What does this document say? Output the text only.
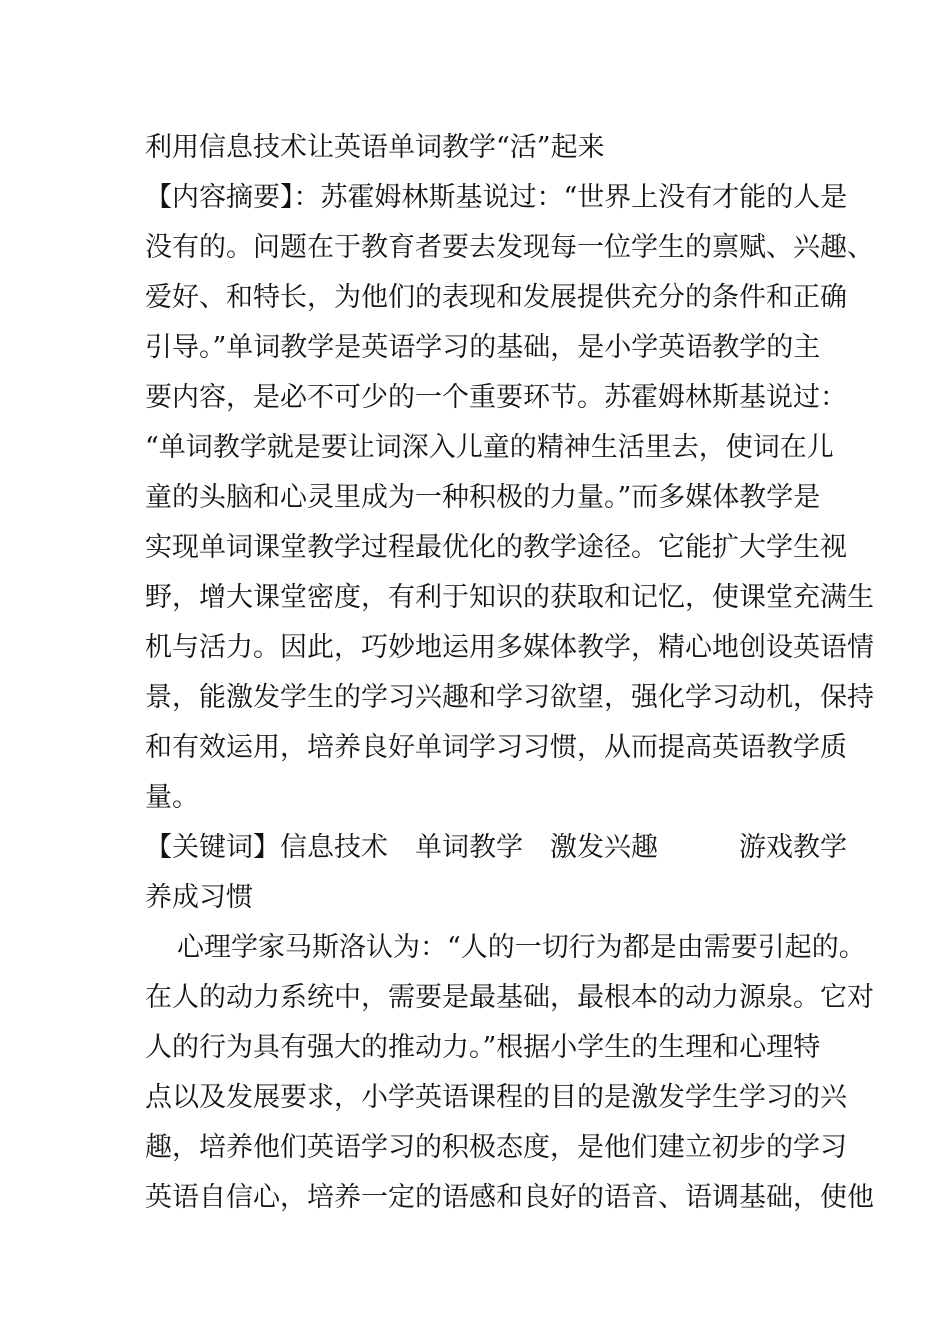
利用信息技术让英语单词教学“活”起来
【内容摘要】：苏霍姆林斯基说过：“世界上没有才能的人是
没有的。问题在于教育者要去发现每一位学生的禀赋、兴趣、
爱好、和特长，为他们的表现和发展提供充分的条件和正确
引导。”单词教学是英语学习的基础，是小学英语教学的主
要内容，是必不可少的一个重要环节。苏霍姆林斯基说过：
“单词教学就是要让词深入儿童的精神生活里去，使词在儿
童的头脑和心灵里成为一种积极的力量。”而多媒体教学是
实现单词课堂教学过程最优化的教学途径。它能扩大学生视
野，增大课堂密度，有利于知识的获取和记忆，使课堂充满生
机与活力。因此，巧妙地运用多媒体教学，精心地创设英语情
景，能激发学生的学习兴趣和学习欲望，强化学习动机，保持
和有效运用，培养良好单词学习习惯，从而提高英语教学质
量。
【关键词】信息技术　单词教学　激发兴趣　　　游戏教学
养成习惯
心理学家马斯洛认为：“人的一切行为都是由需要引起的。
在人的动力系统中，需要是最基础，最根本的动力源泉。它对
人的行为具有强大的推动力。”根据小学生的生理和心理特
点以及发展要求，小学英语课程的目的是激发学生学习的兴
趣，培养他们英语学习的积极态度，是他们建立初步的学习
英语自信心，培养一定的语感和良好的语音、语调基础，使他
